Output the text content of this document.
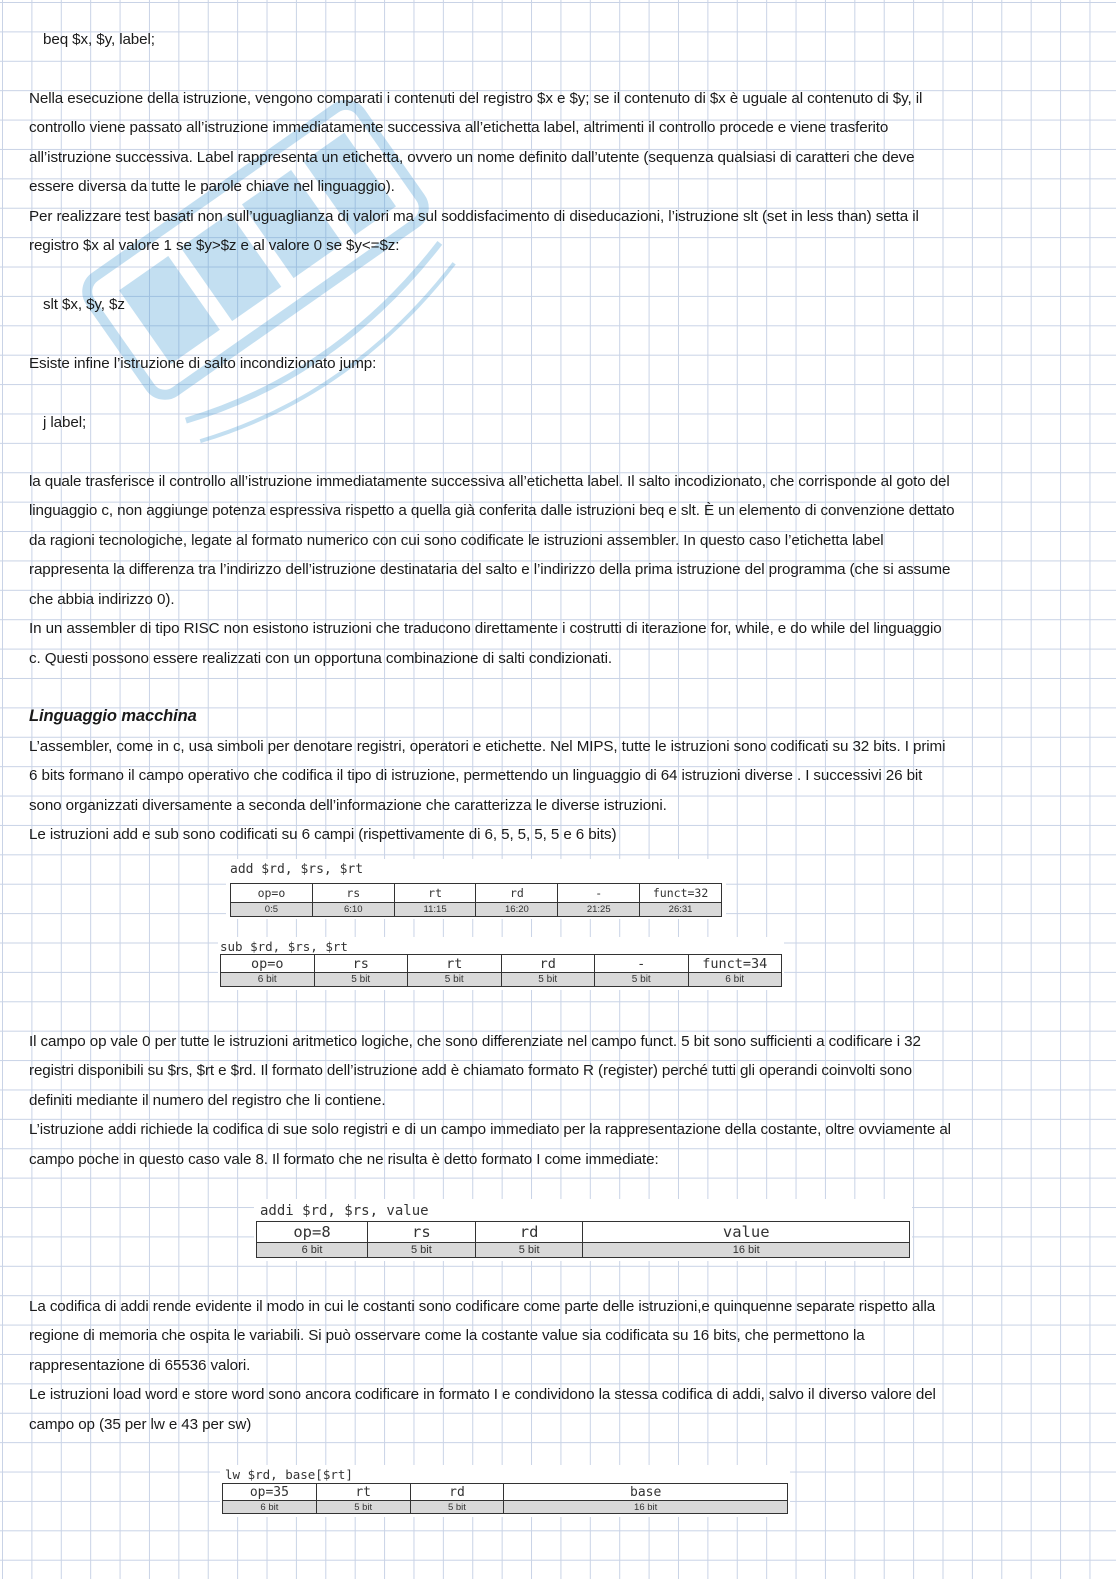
beq $x, $y, label;
Nella esecuzione della istruzione, vengono comparati i contenuti del registro $x e $y; se il contenuto di $x è uguale al contenuto di $y, il
controllo viene passato all’istruzione immediatamente successiva all’etichetta label, altrimenti il controllo procede e viene trasferito
all’istruzione successiva. Label rappresenta un etichetta, ovvero un nome definito dall’utente (sequenza qualsiasi di caratteri che deve
essere diversa da tutte le parole chiave nel linguaggio).
Per realizzare test basati non sull’uguaglianza di valori ma sul soddisfacimento di diseducazioni, l’istruzione slt (set in less than) setta il
registro $x al valore 1 se $y>$z e al valore 0 se $y<=$z:
slt $x, $y, $z
Esiste infine l’istruzione di salto incondizionato jump:
j label;
la quale trasferisce il controllo all’istruzione immediatamente successiva all’etichetta label. Il salto incodizionato, che corrisponde al goto del
linguaggio c, non aggiunge potenza espressiva rispetto a quella già conferita dalle istruzioni beq e slt. È un elemento di convenzione dettato
da ragioni tecnologiche, legate al formato numerico con cui sono codificate le istruzioni assembler. In questo caso l’etichetta label
rappresenta la differenza tra l’indirizzo dell’istruzione destinataria del salto e l’indirizzo della prima istruzione del programma (che si assume
che abbia indirizzo 0).
In un assembler di tipo RISC non esistono istruzioni che traducono direttamente i costrutti di iterazione for, while, e do while del linguaggio
c. Questi possono essere realizzati con un opportuna combinazione di salti condizionati.
Linguaggio macchina
L’assembler, come in c, usa simboli per denotare registri, operatori e etichette. Nel MIPS, tutte le istruzioni sono codificati su 32 bits. I primi
6 bits formano il campo operativo che codifica il tipo di istruzione, permettendo un linguaggio di 64 istruzioni diverse . I successivi 26 bit
sono organizzati diversamente a seconda dell’informazione che caratterizza le diverse istruzioni.
Le istruzioni add e sub sono codificati su 6 campi (rispettivamente di 6, 5, 5, 5, 5 e 6 bits)
Il campo op vale 0 per tutte le istruzioni aritmetico logiche, che sono differenziate nel campo funct. 5 bit sono sufficienti a codificare i 32
registri disponibili su $rs, $rt e $rd. Il formato dell’istruzione add è chiamato formato R (register) perché tutti gli operandi coinvolti sono
definiti mediante il numero del registro che li contiene.
L’istruzione addi richiede la codifica di sue solo registri e di un campo immediato per la rappresentazione della costante, oltre ovviamente al
campo poche in questo caso vale 8. Il formato che ne risulta è detto formato I come immediate:
La codifica di addi rende evidente il modo in cui le costanti sono codificare come parte delle istruzioni,e quinquenne separate rispetto alla
regione di memoria che ospita le variabili. Si può osservare come la costante value sia codificata su 16 bits, che permettono la
rappresentazione di 65536 valori.
Le istruzioni load word e store word sono ancora codificare in formato I e condividono la stessa codifica di addi, salvo il diverso valore del
campo op (35 per lw e 43 per sw)
add $rd, $rs, $rt
op=o	rs	rt	rd	-	funct=32
0:5	6:10	11:15	16:20	21:25	26:31
sub $rd, $rs, $rt
op=o	rs	rt	rd	-	funct=34
6 bit	5 bit	5 bit	5 bit	5 bit	6 bit
addi $rd, $rs, value
op=8	rs	rd	value
6 bit	5 bit	5 bit	16 bit
lw $rd, base[$rt]
op=35	rt	rd	base
6 bit	5 bit	5 bit	16 bit
